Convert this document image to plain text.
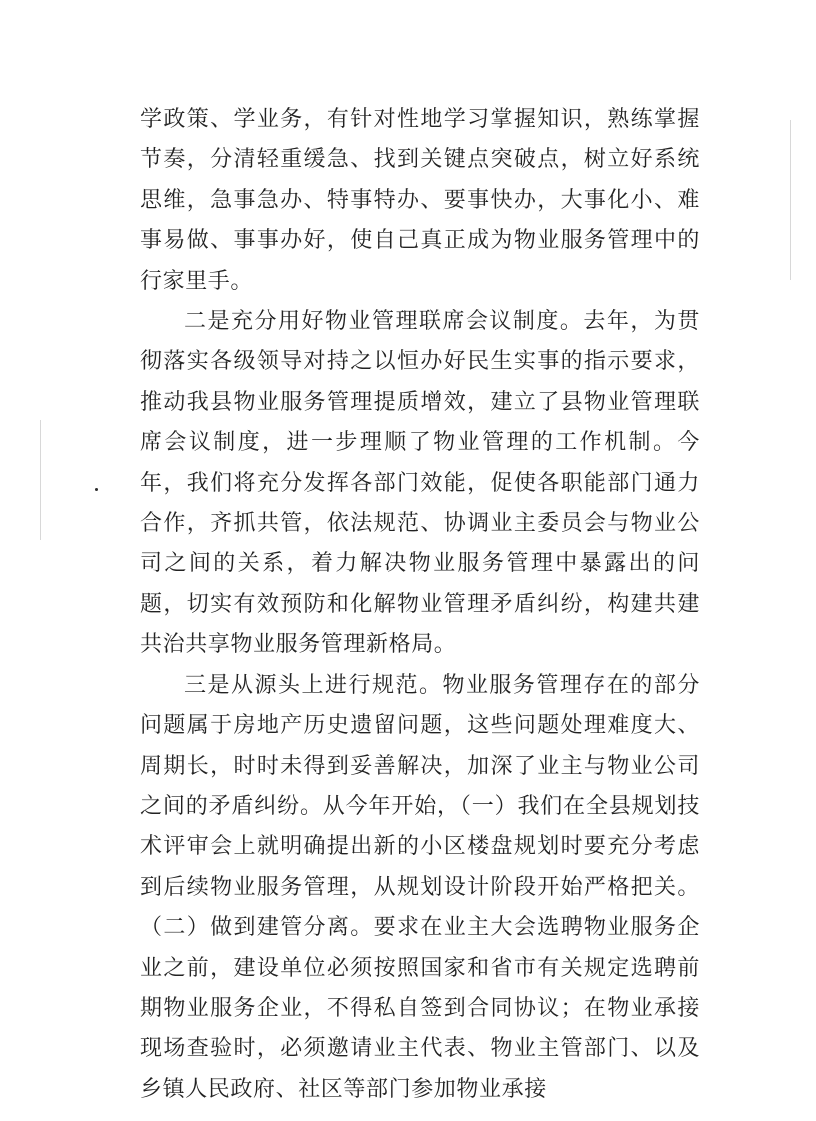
学政策、学业务，有针对性地学习掌握知识，熟练掌握节奏，分清轻重缓急、找到关键点突破点，树立好系统思维，急事急办、特事特办、要事快办，大事化小、难事易做、事事办好，使自己真正成为物业服务管理中的行家里手。

二是充分用好物业管理联席会议制度。去年，为贯彻落实各级领导对持之以恒办好民生实事的指示要求，推动我县物业服务管理提质增效，建立了县物业管理联席会议制度，进一步理顺了物业管理的工作机制。今年，我们将充分发挥各部门效能，促使各职能部门通力合作，齐抓共管，依法规范、协调业主委员会与物业公司之间的关系，着力解决物业服务管理中暴露出的问题，切实有效预防和化解物业管理矛盾纠纷，构建共建共治共享物业服务管理新格局。

三是从源头上进行规范。物业服务管理存在的部分问题属于房地产历史遗留问题，这些问题处理难度大、周期长，时时未得到妥善解决，加深了业主与物业公司之间的矛盾纠纷。从今年开始，（一）我们在全县规划技术评审会上就明确提出新的小区楼盘规划时要充分考虑到后续物业服务管理，从规划设计阶段开始严格把关。（二）做到建管分离。要求在业主大会选聘物业服务企业之前，建设单位必须按照国家和省市有关规定选聘前期物业服务企业，不得私自签到合同协议；在物业承接现场查验时，必须邀请业主代表、物业主管部门、以及乡镇人民政府、社区等部门参加物业承接
